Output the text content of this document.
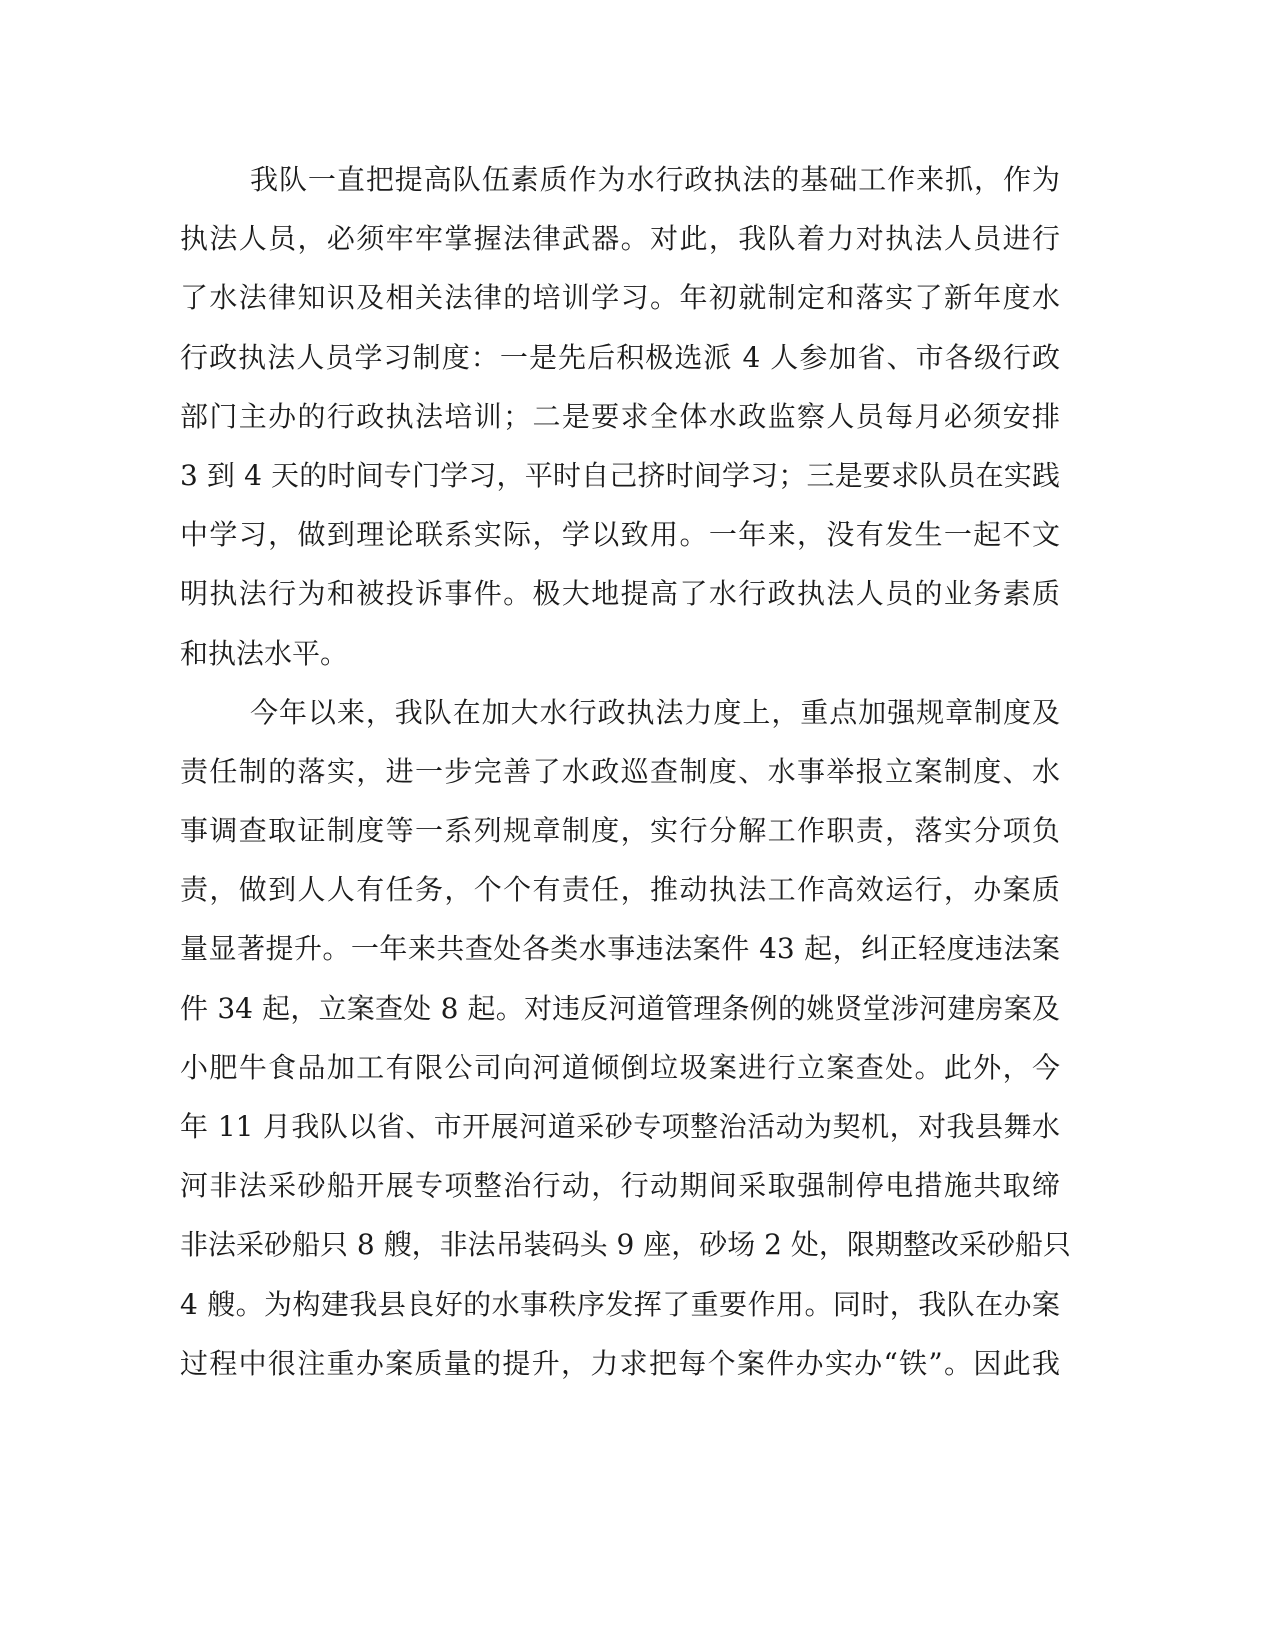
我队一直把提高队伍素质作为水行政执法的基础工作来抓，作为
执法人员，必须牢牢掌握法律武器。对此，我队着力对执法人员进行
了水法律知识及相关法律的培训学习。年初就制定和落实了新年度水
行政执法人员学习制度：一是先后积极选派 4 人参加省、市各级行政
部门主办的行政执法培训；二是要求全体水政监察人员每月必须安排
3 到 4 天的时间专门学习，平时自己挤时间学习；三是要求队员在实践
中学习，做到理论联系实际，学以致用。一年来，没有发生一起不文
明执法行为和被投诉事件。极大地提高了水行政执法人员的业务素质
和执法水平。
今年以来，我队在加大水行政执法力度上，重点加强规章制度及
责任制的落实，进一步完善了水政巡查制度、水事举报立案制度、水
事调查取证制度等一系列规章制度，实行分解工作职责，落实分项负
责，做到人人有任务，个个有责任，推动执法工作高效运行，办案质
量显著提升。一年来共查处各类水事违法案件 43 起，纠正轻度违法案
件 34 起，立案查处 8 起。对违反河道管理条例的姚贤堂涉河建房案及
小肥牛食品加工有限公司向河道倾倒垃圾案进行立案查处。此外，今
年 11 月我队以省、市开展河道采砂专项整治活动为契机，对我县舞水
河非法采砂船开展专项整治行动，行动期间采取强制停电措施共取缔
非法采砂船只 8 艘，非法吊装码头 9 座，砂场 2 处，限期整改采砂船只
4 艘。为构建我县良好的水事秩序发挥了重要作用。同时，我队在办案
过程中很注重办案质量的提升，力求把每个案件办实办“铁”。因此我
